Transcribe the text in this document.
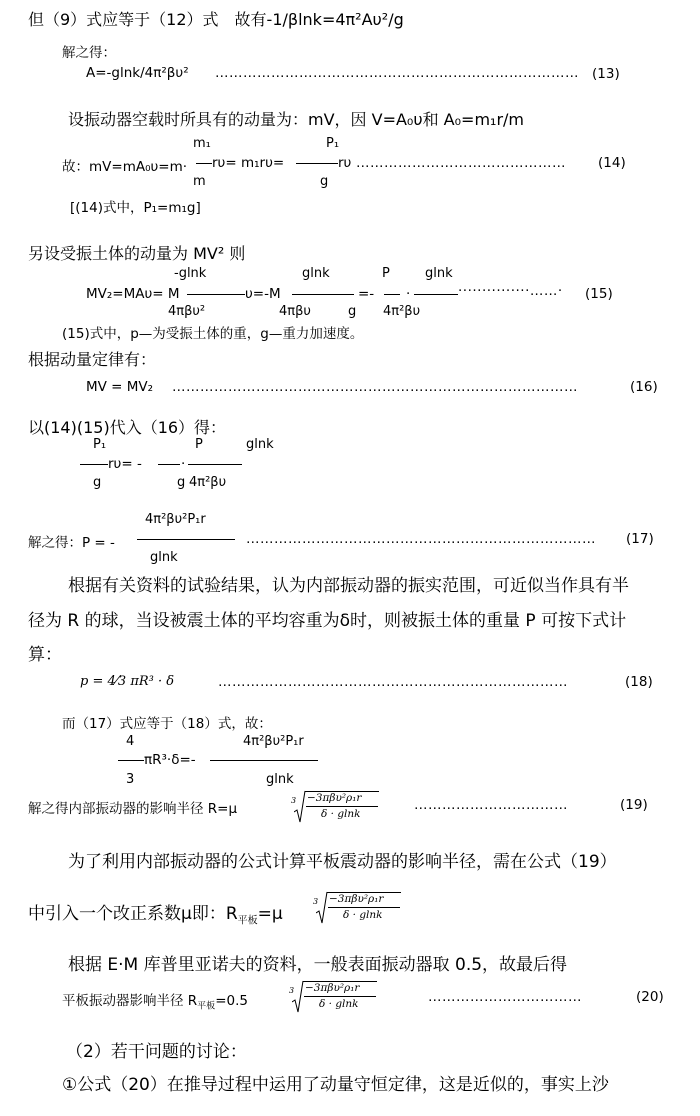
但（9）式应等于（12）式　故有-1/βlnk=4π²Aυ²/g
解之得：
A=-glnk/4π²βυ² …………………………………………………………………… (13)
设振动器空载时所具有的动量为：mV，因 V=A₀υ和 A₀=m₁r/m
m₁	P₁
故：mV=mA₀υ=m· rυ= m₁rυ=	rυ ……………………………………… (14)
m	g
[(14)式中，P₁=m₁g]
另设受振土体的动量为 MV² 则
-glnk	glnk	P	glnk
MV₂=MAυ= M	υ=-M	=- ·	···············……· (15)
4πβυ²	4πβυ	g 4π²βυ
(15)式中，p—为受振土体的重，g—重力加速度。
根据动量定律有：
MV = MV₂ ……………………………………………………………………………	(16)
以(14)(15)代入（16）得：
P₁	P	glnk
rυ= -	·
g	g 4π²βυ
4π²βυ²P₁r
解之得：P = -	………………………………………………………………… (17)
glnk
根据有关资料的试验结果，认为内部振动器的振实范围，可近似当作具有半
径为 R 的球，当设被震土体的平均容重为δ时，则被振土体的重量 P 可按下式计
算：
p = 4⁄3 πR³ · δ	…………………………………………………………………	(18)
而（17）式应等于（18）式，故：
4	4π²βυ²P₁r
πR³·δ=-
3	glnk
解之得内部振动器的影响半径 R=μ
3 −3πβυ²ρ₁r
δ · glnk
……………………………	(19)
为了利用内部振动器的公式计算平板震动器的影响半径，需在公式（19）
中引入一个改正系数μ即：$R_{平板}=\mu$
3 −3πβυ²ρ₁r
δ · glnk
根据 E·M 库普里亚诺夫的资料，一般表面振动器取 0.5，故最后得
平板振动器影响半径 $R_{平板}=0.5$
3 −3πβυ²ρ₁r
δ · glnk	……………………………	(20)
（2）若干问题的讨论：
①公式（20）在推导过程中运用了动量守恒定律，这是近似的，事实上沙
